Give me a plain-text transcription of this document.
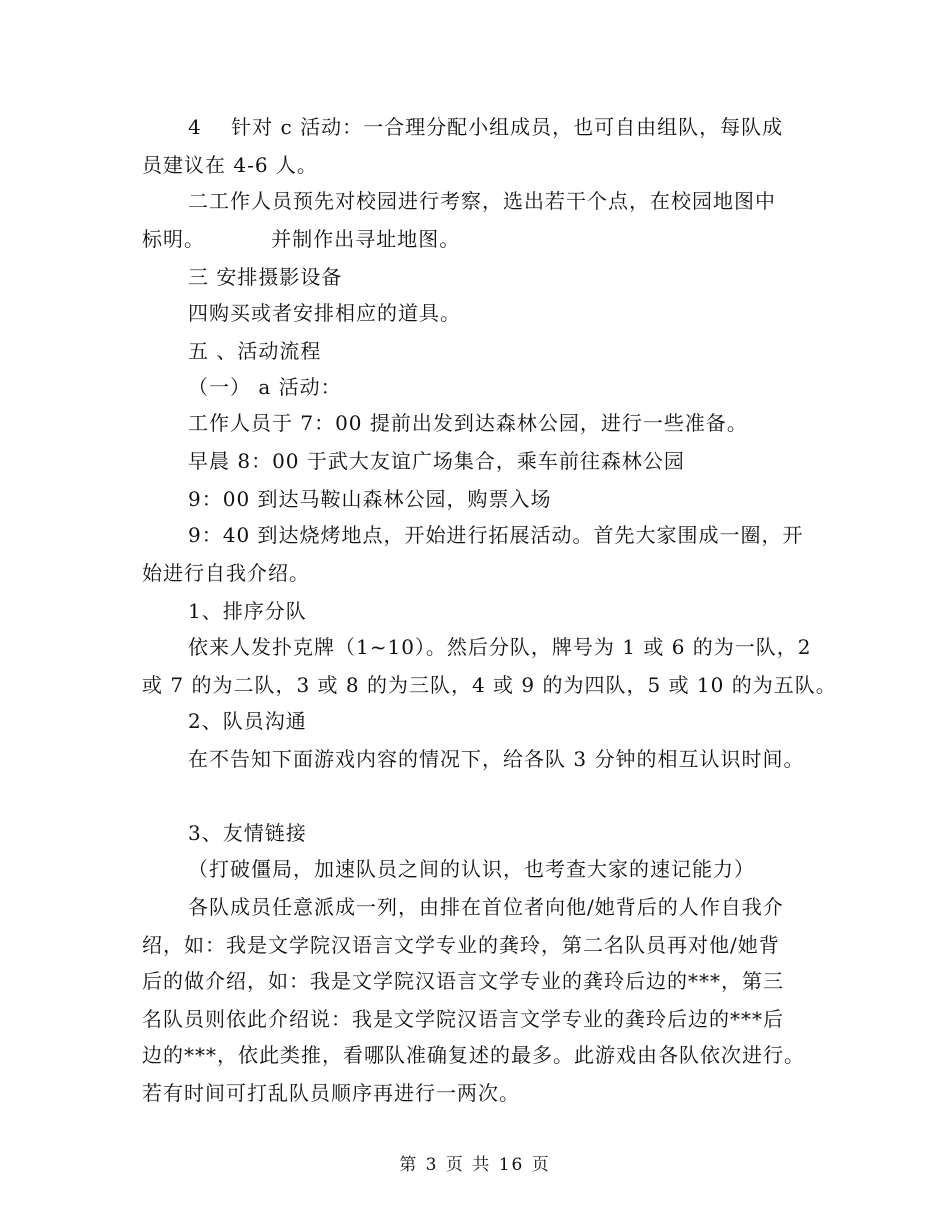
4    针对 c 活动：一合理分配小组成员，也可自由组队，每队成
员建议在 4-6 人。
二工作人员预先对校园进行考察，选出若干个点，在校园地图中
标明。         并制作出寻址地图。
三 安排摄影设备
四购买或者安排相应的道具。
五 、活动流程
（一） a 活动：
工作人员于 7：00 提前出发到达森林公园，进行一些准备。
早晨 8：00 于武大友谊广场集合，乘车前往森林公园
9：00 到达马鞍山森林公园，购票入场
9：40 到达烧烤地点，开始进行拓展活动。首先大家围成一圈，开
始进行自我介绍。
1、排序分队
依来人发扑克牌（1~10）。然后分队，牌号为 1 或 6 的为一队，2
或 7 的为二队，3 或 8 的为三队，4 或 9 的为四队，5 或 10 的为五队。
2、队员沟通
在不告知下面游戏内容的情况下，给各队 3 分钟的相互认识时间。
3、友情链接
（打破僵局，加速队员之间的认识，也考查大家的速记能力）
各队成员任意派成一列，由排在首位者向他/她背后的人作自我介
绍，如：我是文学院汉语言文学专业的龚玲，第二名队员再对他/她背
后的做介绍，如：我是文学院汉语言文学专业的龚玲后边的***，第三
名队员则依此介绍说：我是文学院汉语言文学专业的龚玲后边的***后
边的***，依此类推，看哪队准确复述的最多。此游戏由各队依次进行。
若有时间可打乱队员顺序再进行一两次。
第 3 页 共 16 页
